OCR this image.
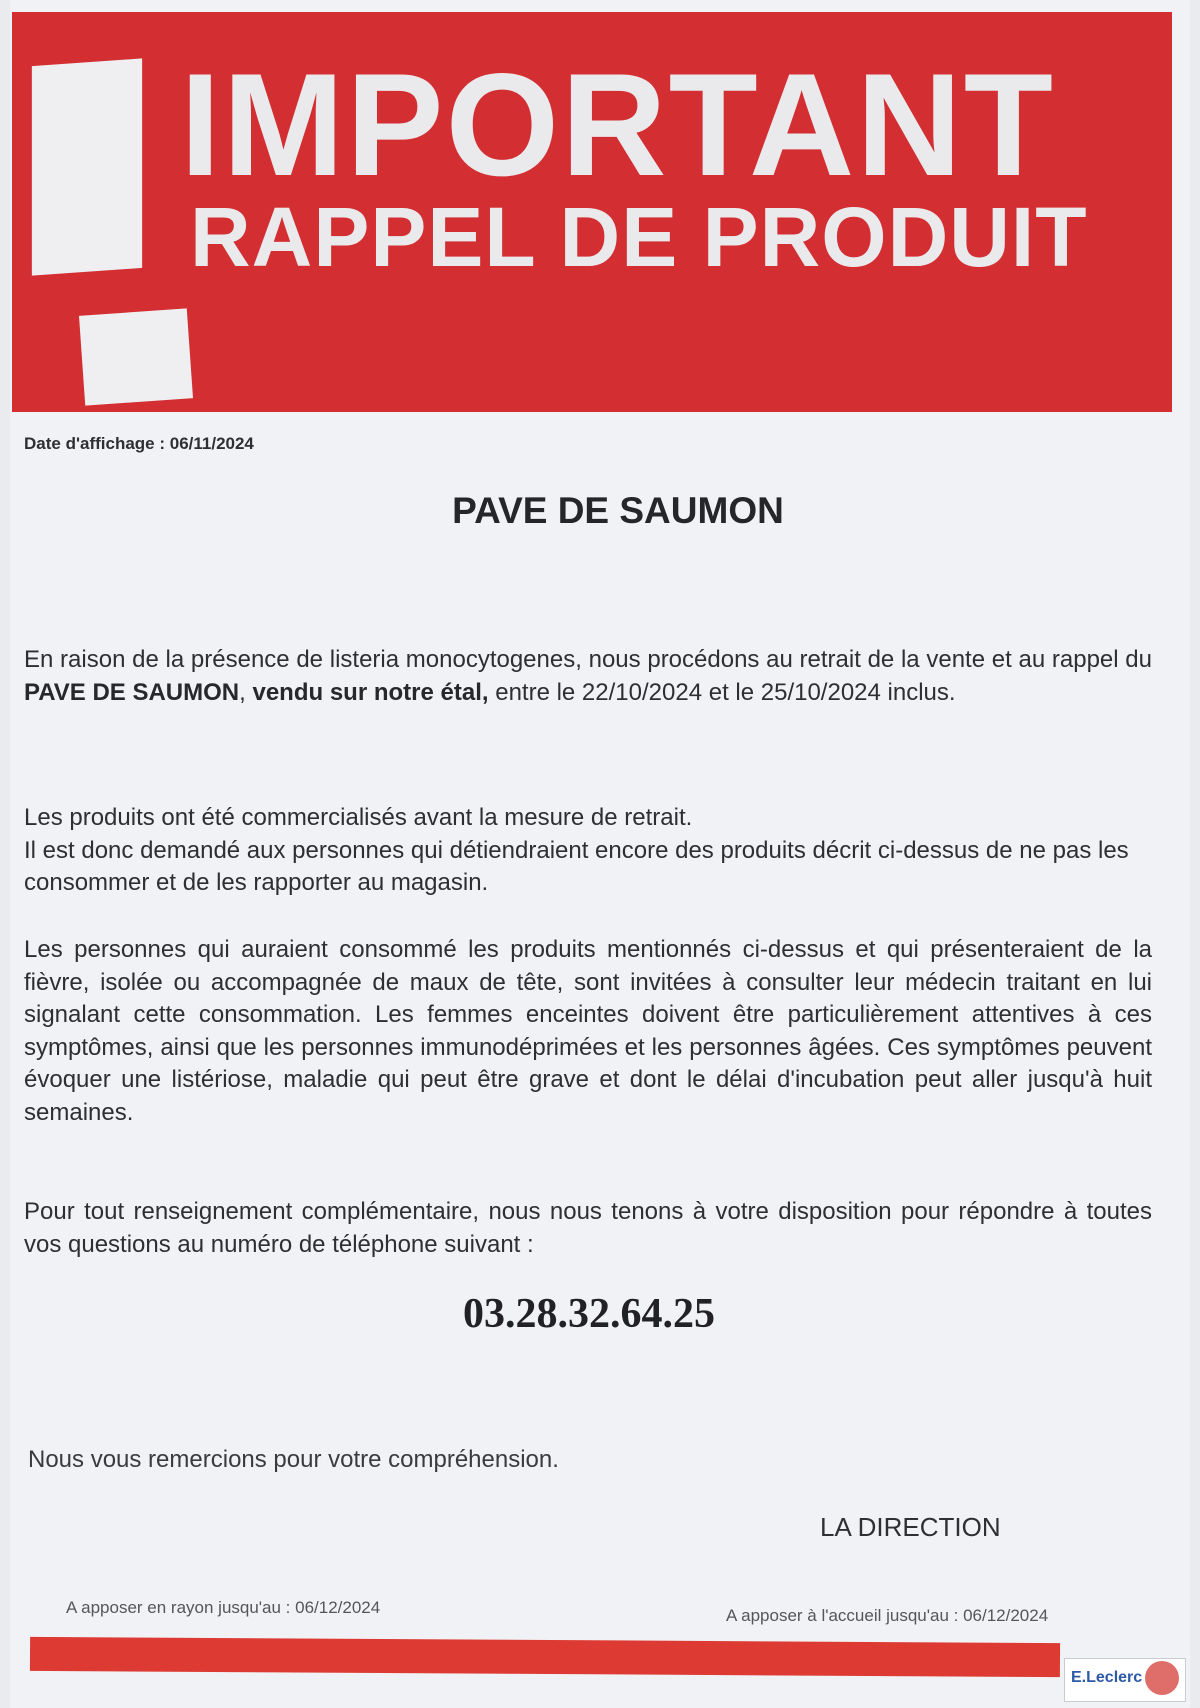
IMPORTANT
RAPPEL DE PRODUIT
Date d'affichage : 06/11/2024
PAVE DE SAUMON
En raison de la présence de listeria monocytogenes, nous procédons au retrait de la vente et au rappel du PAVE DE SAUMON, vendu sur notre étal, entre le 22/10/2024 et le 25/10/2024 inclus.
Les produits ont été commercialisés avant la mesure de retrait.
Il est donc demandé aux personnes qui détiendraient encore des produits décrit ci-dessus de ne pas les consommer et de les rapporter au magasin.
Les personnes qui auraient consommé les produits mentionnés ci-dessus et qui présenteraient de la fièvre, isolée ou accompagnée de maux de tête, sont invitées à consulter leur médecin traitant en lui signalant cette consommation. Les femmes enceintes doivent être particulièrement attentives à ces symptômes, ainsi que les personnes immunodéprimées et les personnes âgées. Ces symptômes peuvent évoquer une listériose, maladie qui peut être grave et dont le délai d'incubation peut aller jusqu'à huit semaines.
Pour tout renseignement complémentaire, nous nous tenons à votre disposition pour répondre à toutes vos questions au numéro de téléphone suivant :
03.28.32.64.25
Nous vous remercions pour votre compréhension.
LA DIRECTION
A apposer en rayon jusqu'au : 06/12/2024	A apposer à l'accueil jusqu'au : 06/12/2024
E.Leclerc
